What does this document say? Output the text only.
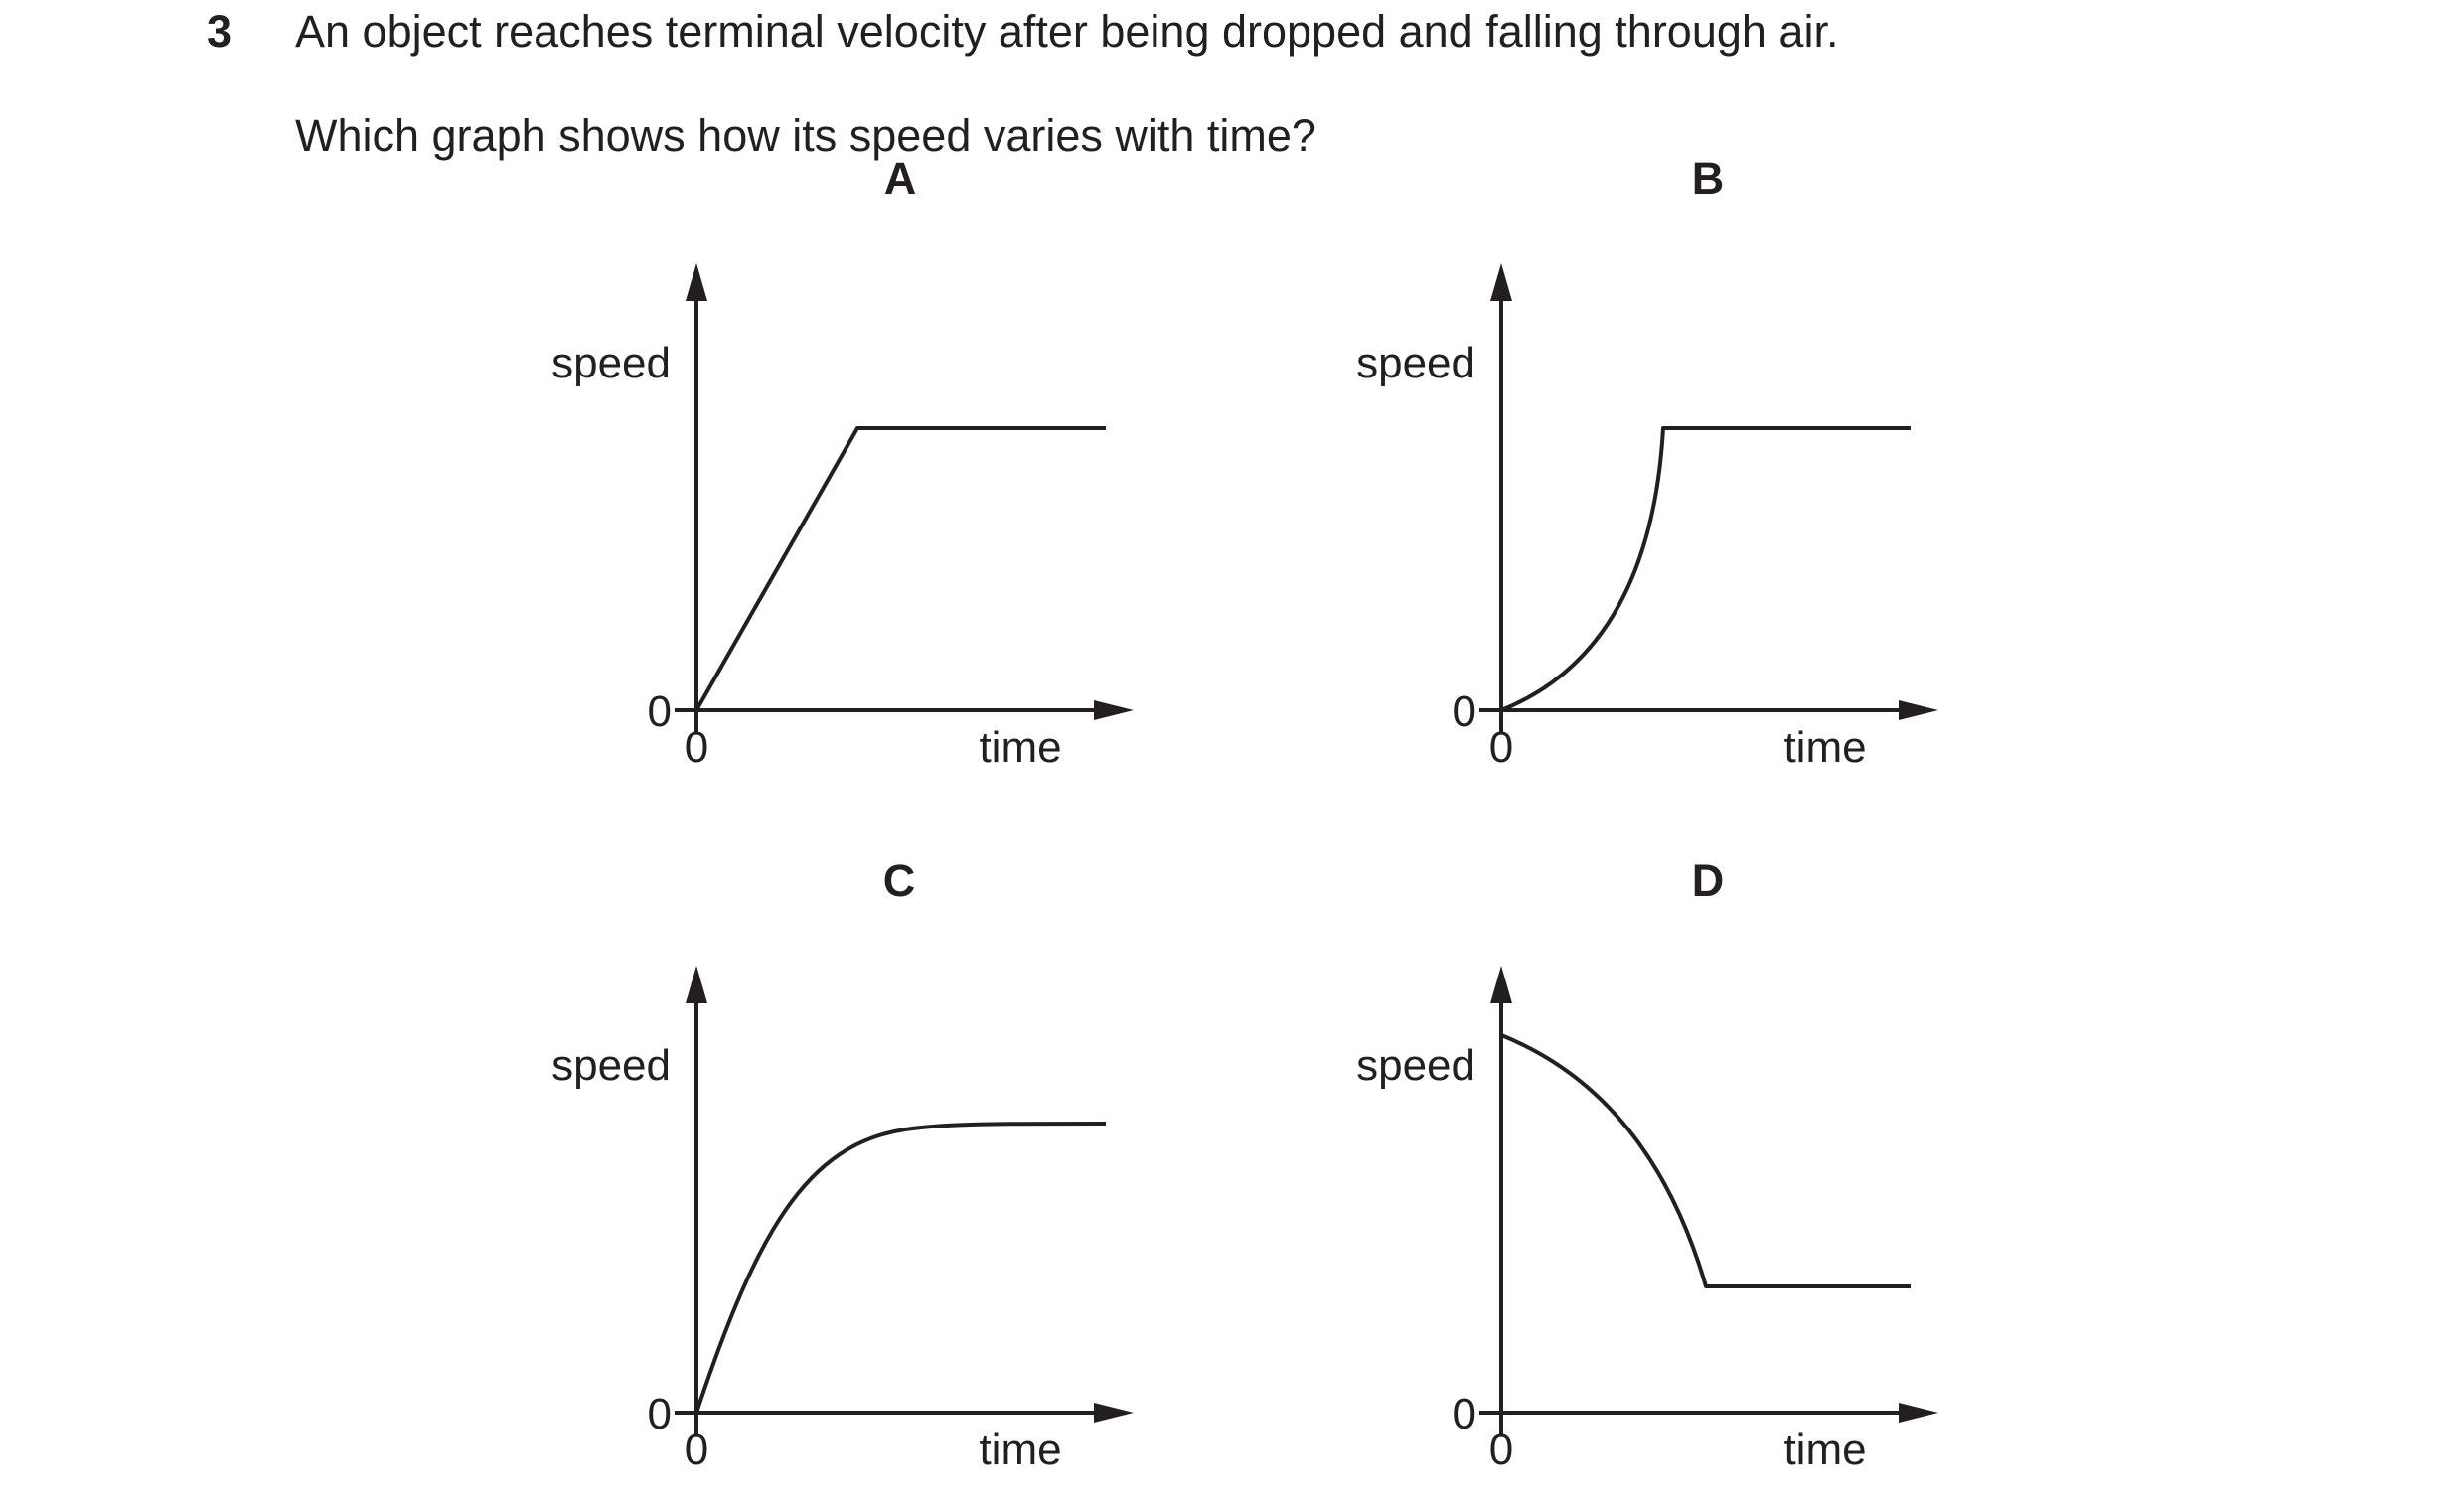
3 An object reaches terminal velocity after being dropped and falling through air.
Which graph shows how its speed varies with time?
A
speed
time
0
0
B
speed
time
0
0
C
speed
time
0
0
D
speed
time
0
0
